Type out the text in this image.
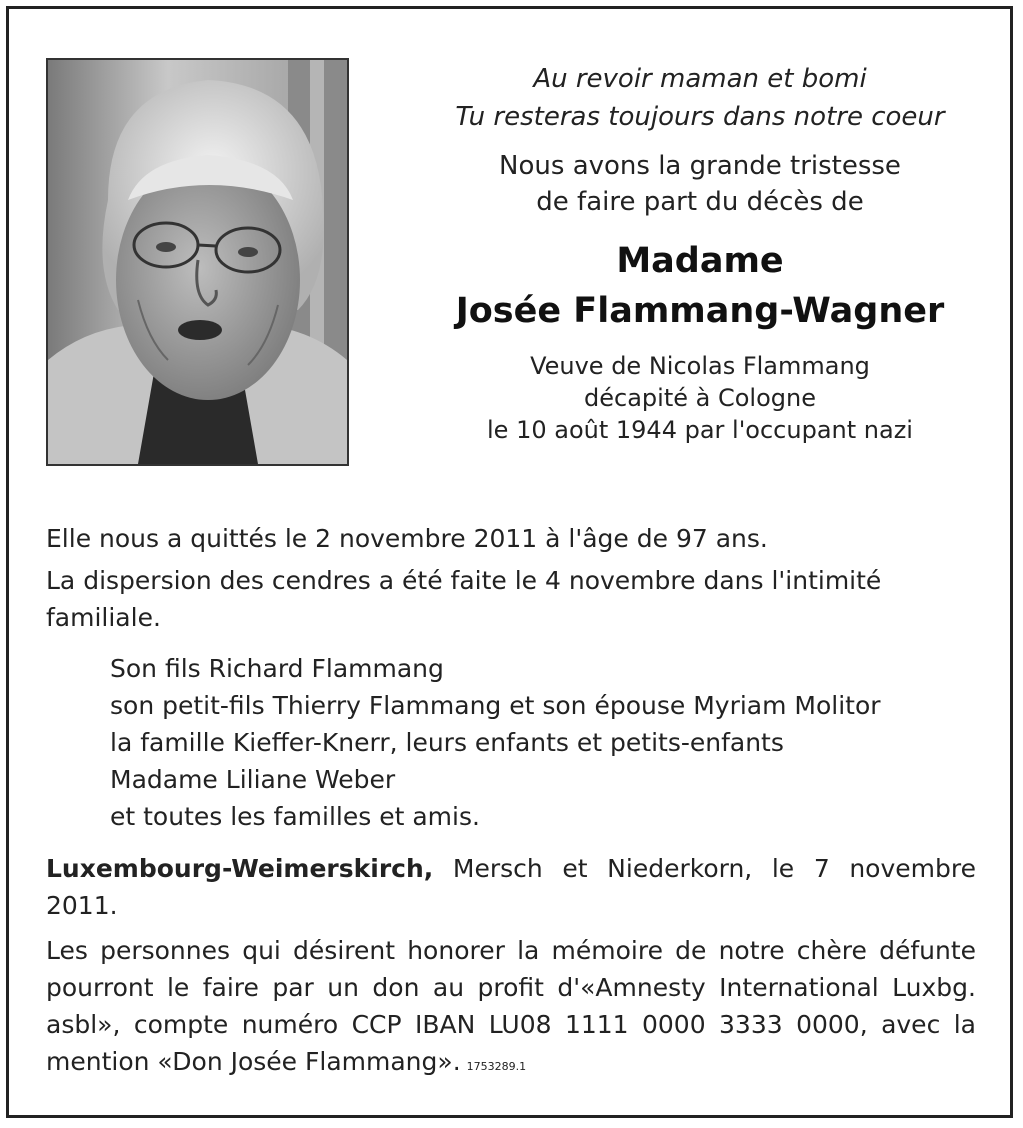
Au revoir maman et bomi
Tu resteras toujours dans notre coeur
Nous avons la grande tristesse
de faire part du décès de
Madame
Josée Flammang-Wagner
Veuve de Nicolas Flammang
décapité à Cologne
le 10 août 1944 par l'occupant nazi
Elle nous a quittés le 2 novembre 2011 à l'âge de 97 ans.
La dispersion des cendres a été faite le 4 novembre dans l'intimité familiale.
Son fils Richard Flammang
son petit-fils Thierry Flammang et son épouse Myriam Molitor
la famille Kieffer-Knerr, leurs enfants et petits-enfants
Madame Liliane Weber
et toutes les familles et amis.
Luxembourg-Weimerskirch, Mersch et Niederkorn, le 7 novembre 2011.
Les personnes qui désirent honorer la mémoire de notre chère défunte pourront le faire par un don au profit d'«Amnesty International Luxbg. asbl», compte numéro CCP IBAN LU08 1111 0000 3333 0000, avec la mention «Don Josée Flammang». 1753289.1
